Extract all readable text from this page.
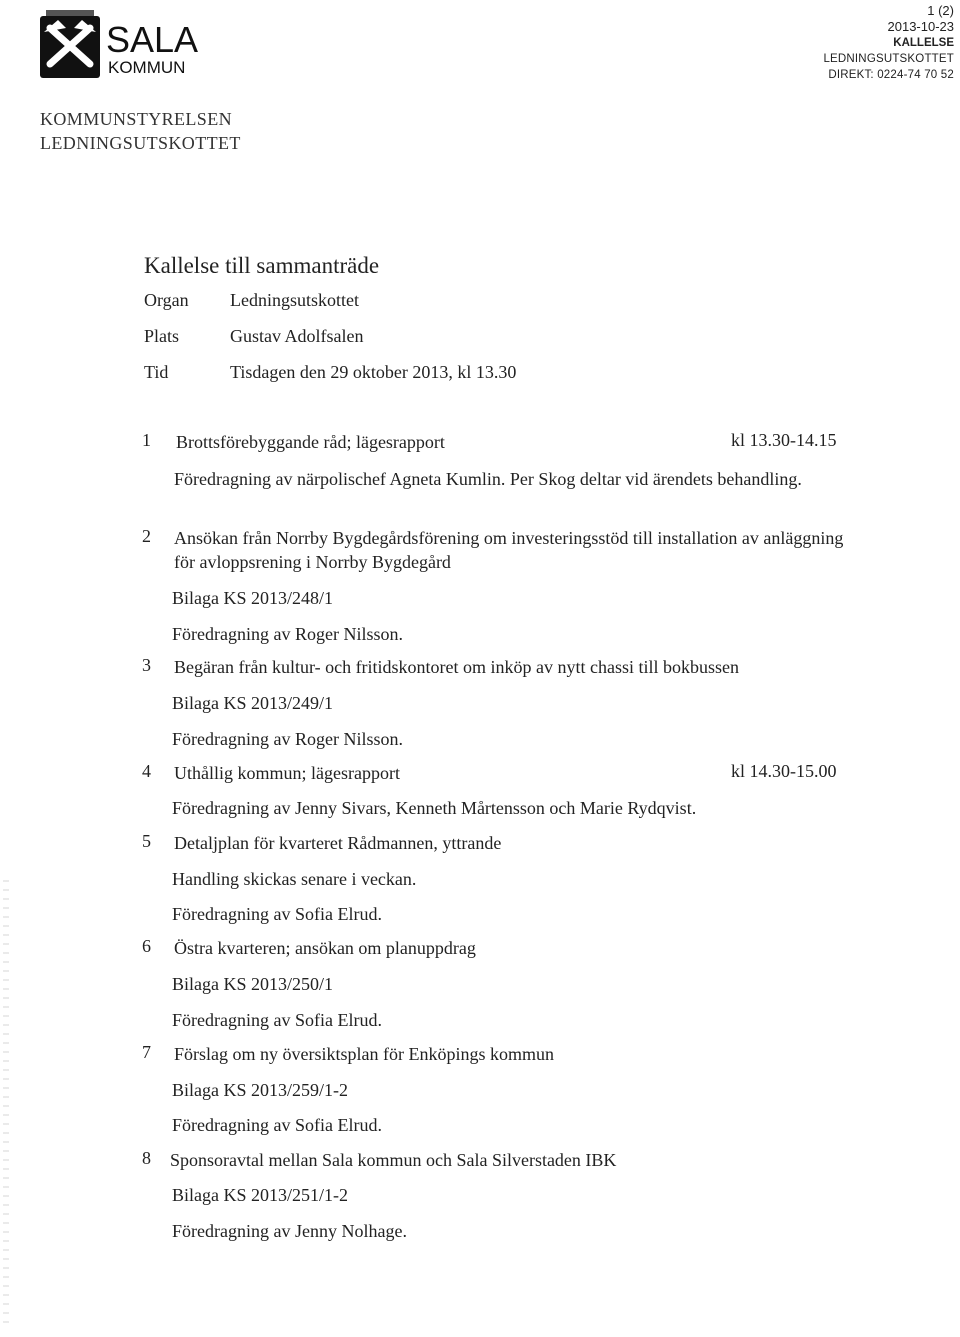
SALA
KOMMUN
1 (2)
2013-10-23
KALLELSE
LEDNINGSUTSKOTTET
DIREKT: 0224-74 70 52
KOMMUNSTYRELSEN
LEDNINGSUTSKOTTET
Kallelse till sammanträde
Organ Ledningsutskottet
Plats	Gustav Adolfsalen
Tid	Tisdagen den 29 oktober 2013, kl 13.30
1 Brottsförebyggande råd; lägesrapport	kl 13.30-14.15
Föredragning av närpolischef Agneta Kumlin. Per Skog deltar vid ärendets behandling.
2 Ansökan från Norrby Bygdegårdsförening om investeringsstöd till installation av anläggning för avloppsrening i Norrby Bygdegård
Bilaga KS 2013/248/1
Föredragning av Roger Nilsson.
3 Begäran från kultur- och fritidskontoret om inköp av nytt chassi till bokbussen
Bilaga KS 2013/249/1
Föredragning av Roger Nilsson.
4 Uthållig kommun; lägesrapport	kl 14.30-15.00
Föredragning av Jenny Sivars, Kenneth Mårtensson och Marie Rydqvist.
5 Detaljplan för kvarteret Rådmannen, yttrande
Handling skickas senare i veckan.
Föredragning av Sofia Elrud.
6 Östra kvarteren; ansökan om planuppdrag
Bilaga KS 2013/250/1
Föredragning av Sofia Elrud.
7 Förslag om ny översiktsplan för Enköpings kommun
Bilaga KS 2013/259/1-2
Föredragning av Sofia Elrud.
8 Sponsoravtal mellan Sala kommun och Sala Silverstaden IBK
Bilaga KS 2013/251/1-2
Föredragning av Jenny Nolhage.
